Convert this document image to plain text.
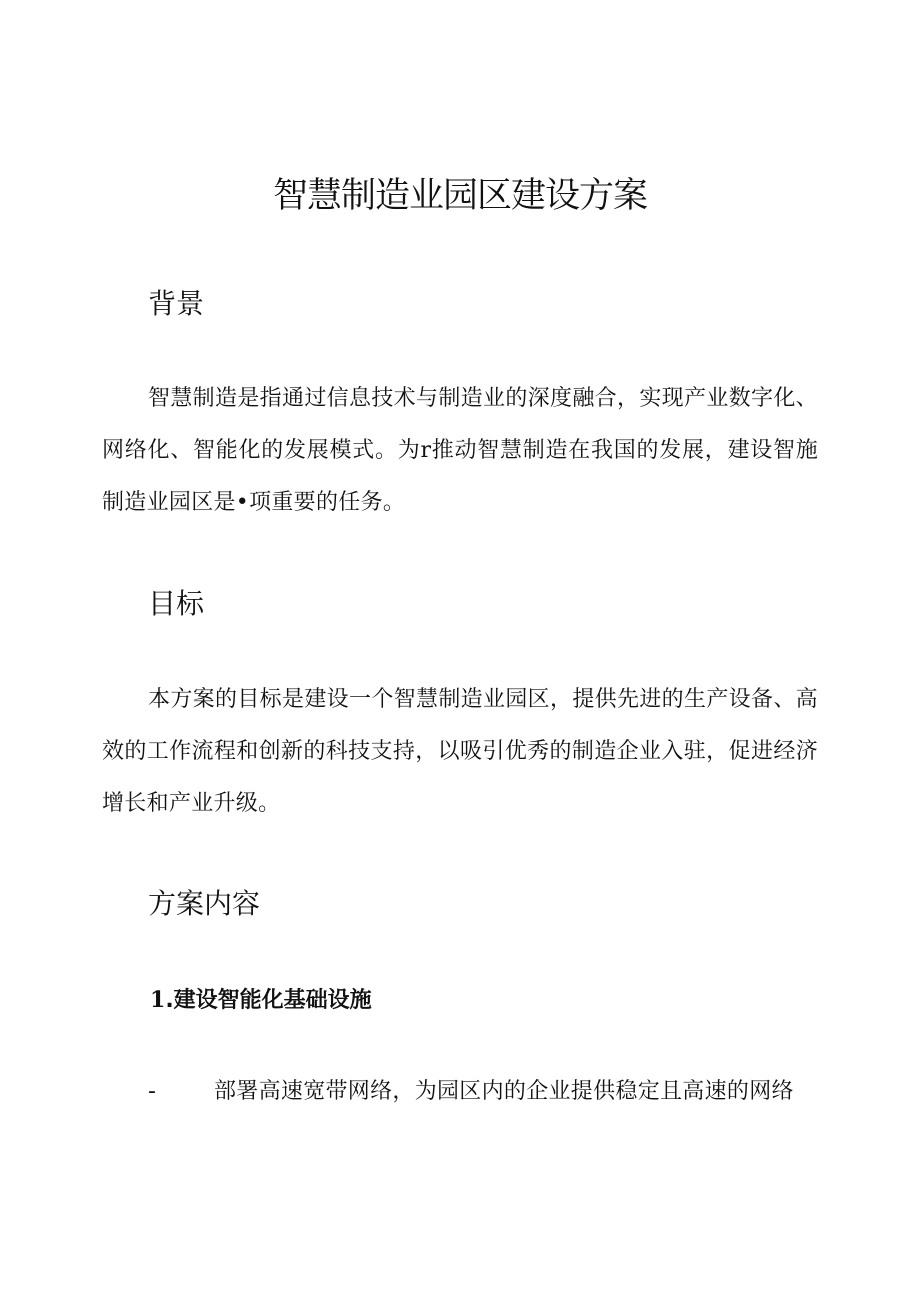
智慧制造业园区建设方案
背景

智慧制造是指通过信息技术与制造业的深度融合，实现产业数字化、网络化、智能化的发展模式。为r推动智慧制造在我国的发展，建设智施制造业园区是•项重要的任务。

目标

本方案的目标是建设一个智慧制造业园区，提供先进的生产设备、高效的工作流程和创新的科技支持，以吸引优秀的制造企业入驻，促进经济增长和产业升级。

方案内容
1.建设智能化基础设施
-	部署高速宽带网络，为园区内的企业提供稳定且高速的网络
